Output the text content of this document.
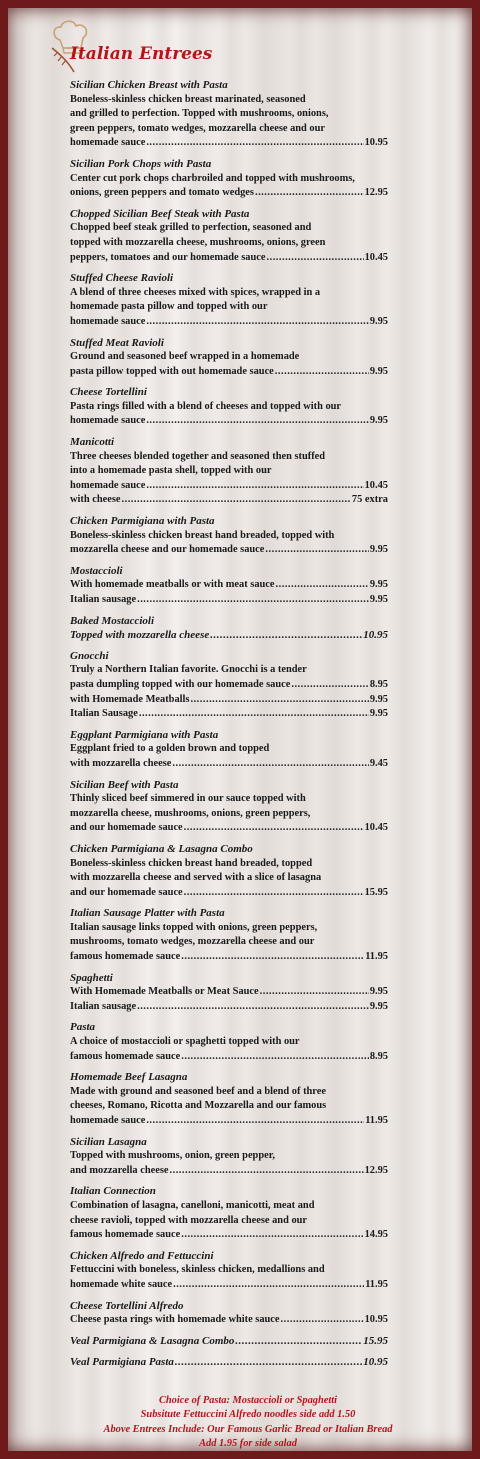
Italian Entrees
Sicilian Chicken Breast with Pasta
Boneless-skinless chicken breast marinated, seasoned
and grilled to perfection. Topped with mushrooms, onions,
green peppers, tomato wedges, mozzarella cheese and our
homemade sauce .....	10.95
Sicilian Pork Chops with Pasta
Center cut pork chops charbroiled and topped with mushrooms,
onions, green peppers and tomato wedges .....	12.95
Chopped Sicilian Beef Steak with Pasta
Chopped beef steak grilled to perfection, seasoned and
topped with mozzarella cheese, mushrooms, onions, green
peppers, tomatoes and our homemade sauce .....	10.45
Stuffed Cheese Ravioli
A blend of three cheeses mixed with spices, wrapped in a
homemade pasta pillow and topped with our
homemade sauce .....	9.95
Stuffed Meat Ravioli
Ground and seasoned beef wrapped in a homemade
pasta pillow topped with out homemade sauce .....	9.95
Cheese Tortellini
Pasta rings filled with a blend of cheeses and topped with our
homemade sauce .....	9.95
Manicotti
Three cheeses blended together and seasoned then stuffed
into a homemade pasta shell, topped with our
homemade sauce .....	10.45
with cheese .....	75 extra
Chicken Parmigiana with Pasta
Boneless-skinless chicken breast hand breaded, topped with
mozzarella cheese and our homemade sauce .....	9.95
Mostaccioli
With homemade meatballs or with meat sauce .....	9.95
Italian sausage .....	9.95
Baked Mostaccioli
Topped with mozzarella cheese .....	10.95
Gnocchi
Truly a Northern Italian favorite. Gnocchi is a tender
pasta dumpling topped with our homemade sauce .....	8.95
with Homemade Meatballs .....	9.95
Italian Sausage .....	9.95
Eggplant Parmigiana with Pasta
Eggplant fried to a golden brown and topped
with mozzarella cheese .....	9.45
Sicilian Beef with Pasta
Thinly sliced beef simmered in our sauce topped with
mozzarella cheese, mushrooms, onions, green peppers,
and our homemade sauce .....	10.45
Chicken Parmigiana & Lasagna Combo
Boneless-skinless chicken breast hand breaded, topped
with mozzarella cheese and served with a slice of lasagna
and our homemade sauce .....	15.95
Italian Sausage Platter with Pasta
Italian sausage links topped with onions, green peppers,
mushrooms, tomato wedges, mozzarella cheese and our
famous homemade sauce .....	11.95
Spaghetti
With Homemade Meatballs or Meat Sauce .....	9.95
Italian sausage .....	9.95
Pasta
A choice of mostaccioli or spaghetti topped with our
famous homemade sauce .....	8.95
Homemade Beef Lasagna
Made with ground and seasoned beef and a blend of three
cheeses, Romano, Ricotta and Mozzarella and our famous
homemade sauce .....	11.95
Sicilian Lasagna
Topped with mushrooms, onion, green pepper,
and mozzarella cheese .....	12.95
Italian Connection
Combination of lasagna, canelloni, manicotti, meat and
cheese ravioli, topped with mozzarella cheese and our
famous homemade sauce .....	14.95
Chicken Alfredo and Fettuccini
Fettuccini with boneless, skinless chicken, medallions and
homemade white sauce .....	11.95
Cheese Tortellini Alfredo
Cheese pasta rings with homemade white sauce .....	10.95
Veal Parmigiana & Lasagna Combo .....	15.95
Veal Parmigiana Pasta .....	10.95
Choice of Pasta: Mostaccioli or Spaghetti
Subsitute Fettuccini Alfredo noodles side add 1.50
Above Entrees Include: Our Famous Garlic Bread or Italian Bread
Add 1.95 for side salad
